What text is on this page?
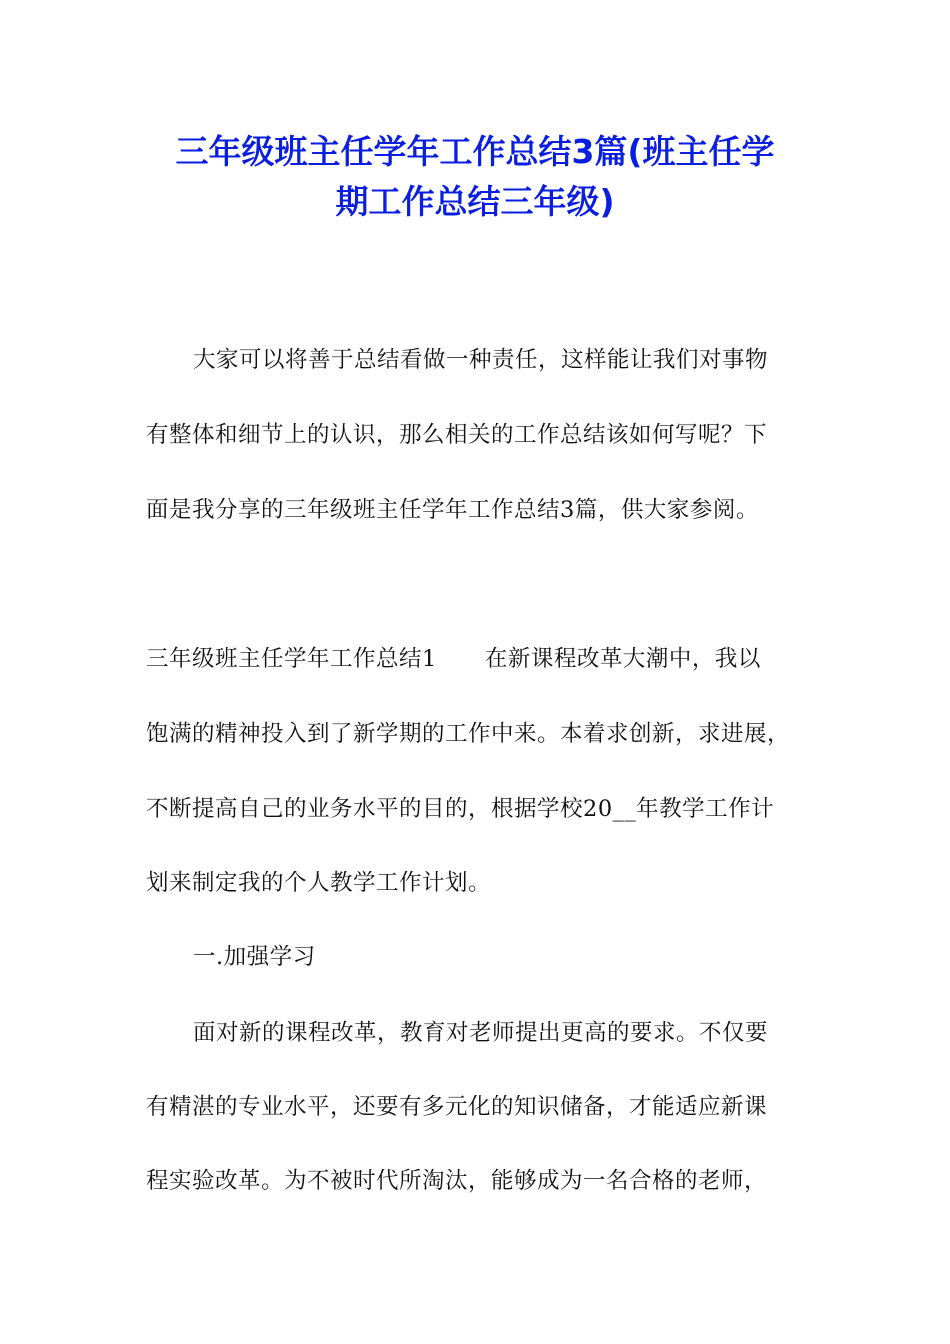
三年级班主任学年工作总结3篇(班主任学
期工作总结三年级)
大家可以将善于总结看做一种责任，这样能让我们对事物
有整体和细节上的认识，那么相关的工作总结该如何写呢？下
面是我分享的三年级班主任学年工作总结3篇，供大家参阅。
三年级班主任学年工作总结1 在新课程改革大潮中，我以
饱满的精神投入到了新学期的工作中来。本着求创新，求进展，
不断提高自己的业务水平的目的，根据学校20__年教学工作计
划来制定我的个人教学工作计划。
一.加强学习
面对新的课程改革，教育对老师提出更高的要求。不仅要
有精湛的专业水平，还要有多元化的知识储备，才能适应新课
程实验改革。为不被时代所淘汰，能够成为一名合格的老师，
